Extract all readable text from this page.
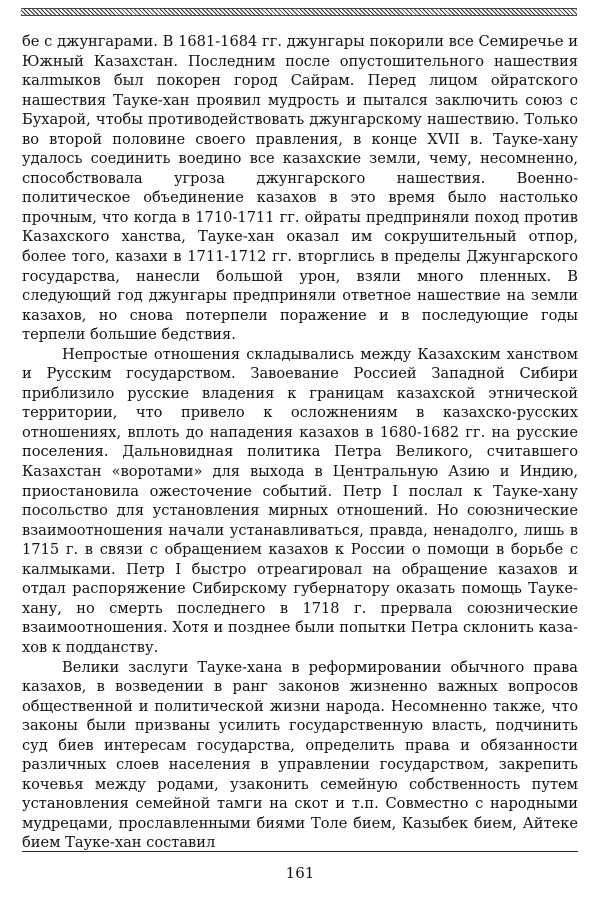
бе с джунгарами. В 1681-1684 гг. джунгары покорили все Семиречье и Южный Казахстан. Последним после опустошительного нашествия калmыков был покорен город Сайрам. Перед лицом ойратского нашествия Тауке-хан проявил мудрость и пытался заключить союз с Бухарой, чтобы противодействовать джунгарскому нашествию. Только во второй половине своего правления, в конце XVII в. Тауке-хану удалось соединить воедино все казахские земли, чему, несомненно, способствовала угроза джунгарского нашествия. Военно-политическое объединение казахов в это время было настолько прочным, что когда в 1710-1711 гг. ойраты предприняли поход против Казахского ханства, Тауке-хан оказал им сокрушительный отпор, более того, казахи в 1711-1712 гг. вторглись в пределы Джунгарского государства, нанесли большой урон, взяли много пленных. В следующий год джунгары предприняли ответное нашествие на земли казахов, но снова потерпели поражение и в последующие годы терпели большие бедствия.

Непростые отношения складывались между Казахским ханством и Русским государством. Завоевание Россией Западной Сибири приблизило русские владения к границам казахской этнической территории, что привело к осложнениям в казахско-русских отношениях, вплоть до нападения казахов в 1680-1682 гг. на русские поселения. Дальновидная политика Петра Великого, считавшего Казахстан «воротами» для выхода в Центральную Азию и Индию, приостановила ожесточение событий. Петр I послал к Тауке-хану посольство для установления мирных отношений. Но союзнические взаимоотношения начали устанавливаться, правда, ненадолго, лишь в 1715 г. в связи с обращением казахов к России о помощи в борьбе с калмыками. Петр I быстро отреагировал на обращение казахов и отдал распоряжение Сибирскому губернатору оказать помощь Тауке-хану, но смерть последнего в 1718 г. прервала союзнические взаимоотношения. Хотя и позднее были попытки Петра склонить казахов к подданству.

Велики заслуги Тауке-хана в реформировании обычного права казахов, в возведении в ранг законов жизненно важных вопросов общественной и политической жизни народа. Несомненно также, что законы были призваны усилить государственную власть, подчинить суд биев интересам государства, определить права и обязанности различных слоев населения в управлении государством, закрепить кочевья между родами, узаконить семейную собственность путем установления семейной тамги на скот и т.п. Совместно с народными мудрецами, прославленными биями Толе бием, Казыбек бием, Айтеке бием Тауке-хан составил

161
